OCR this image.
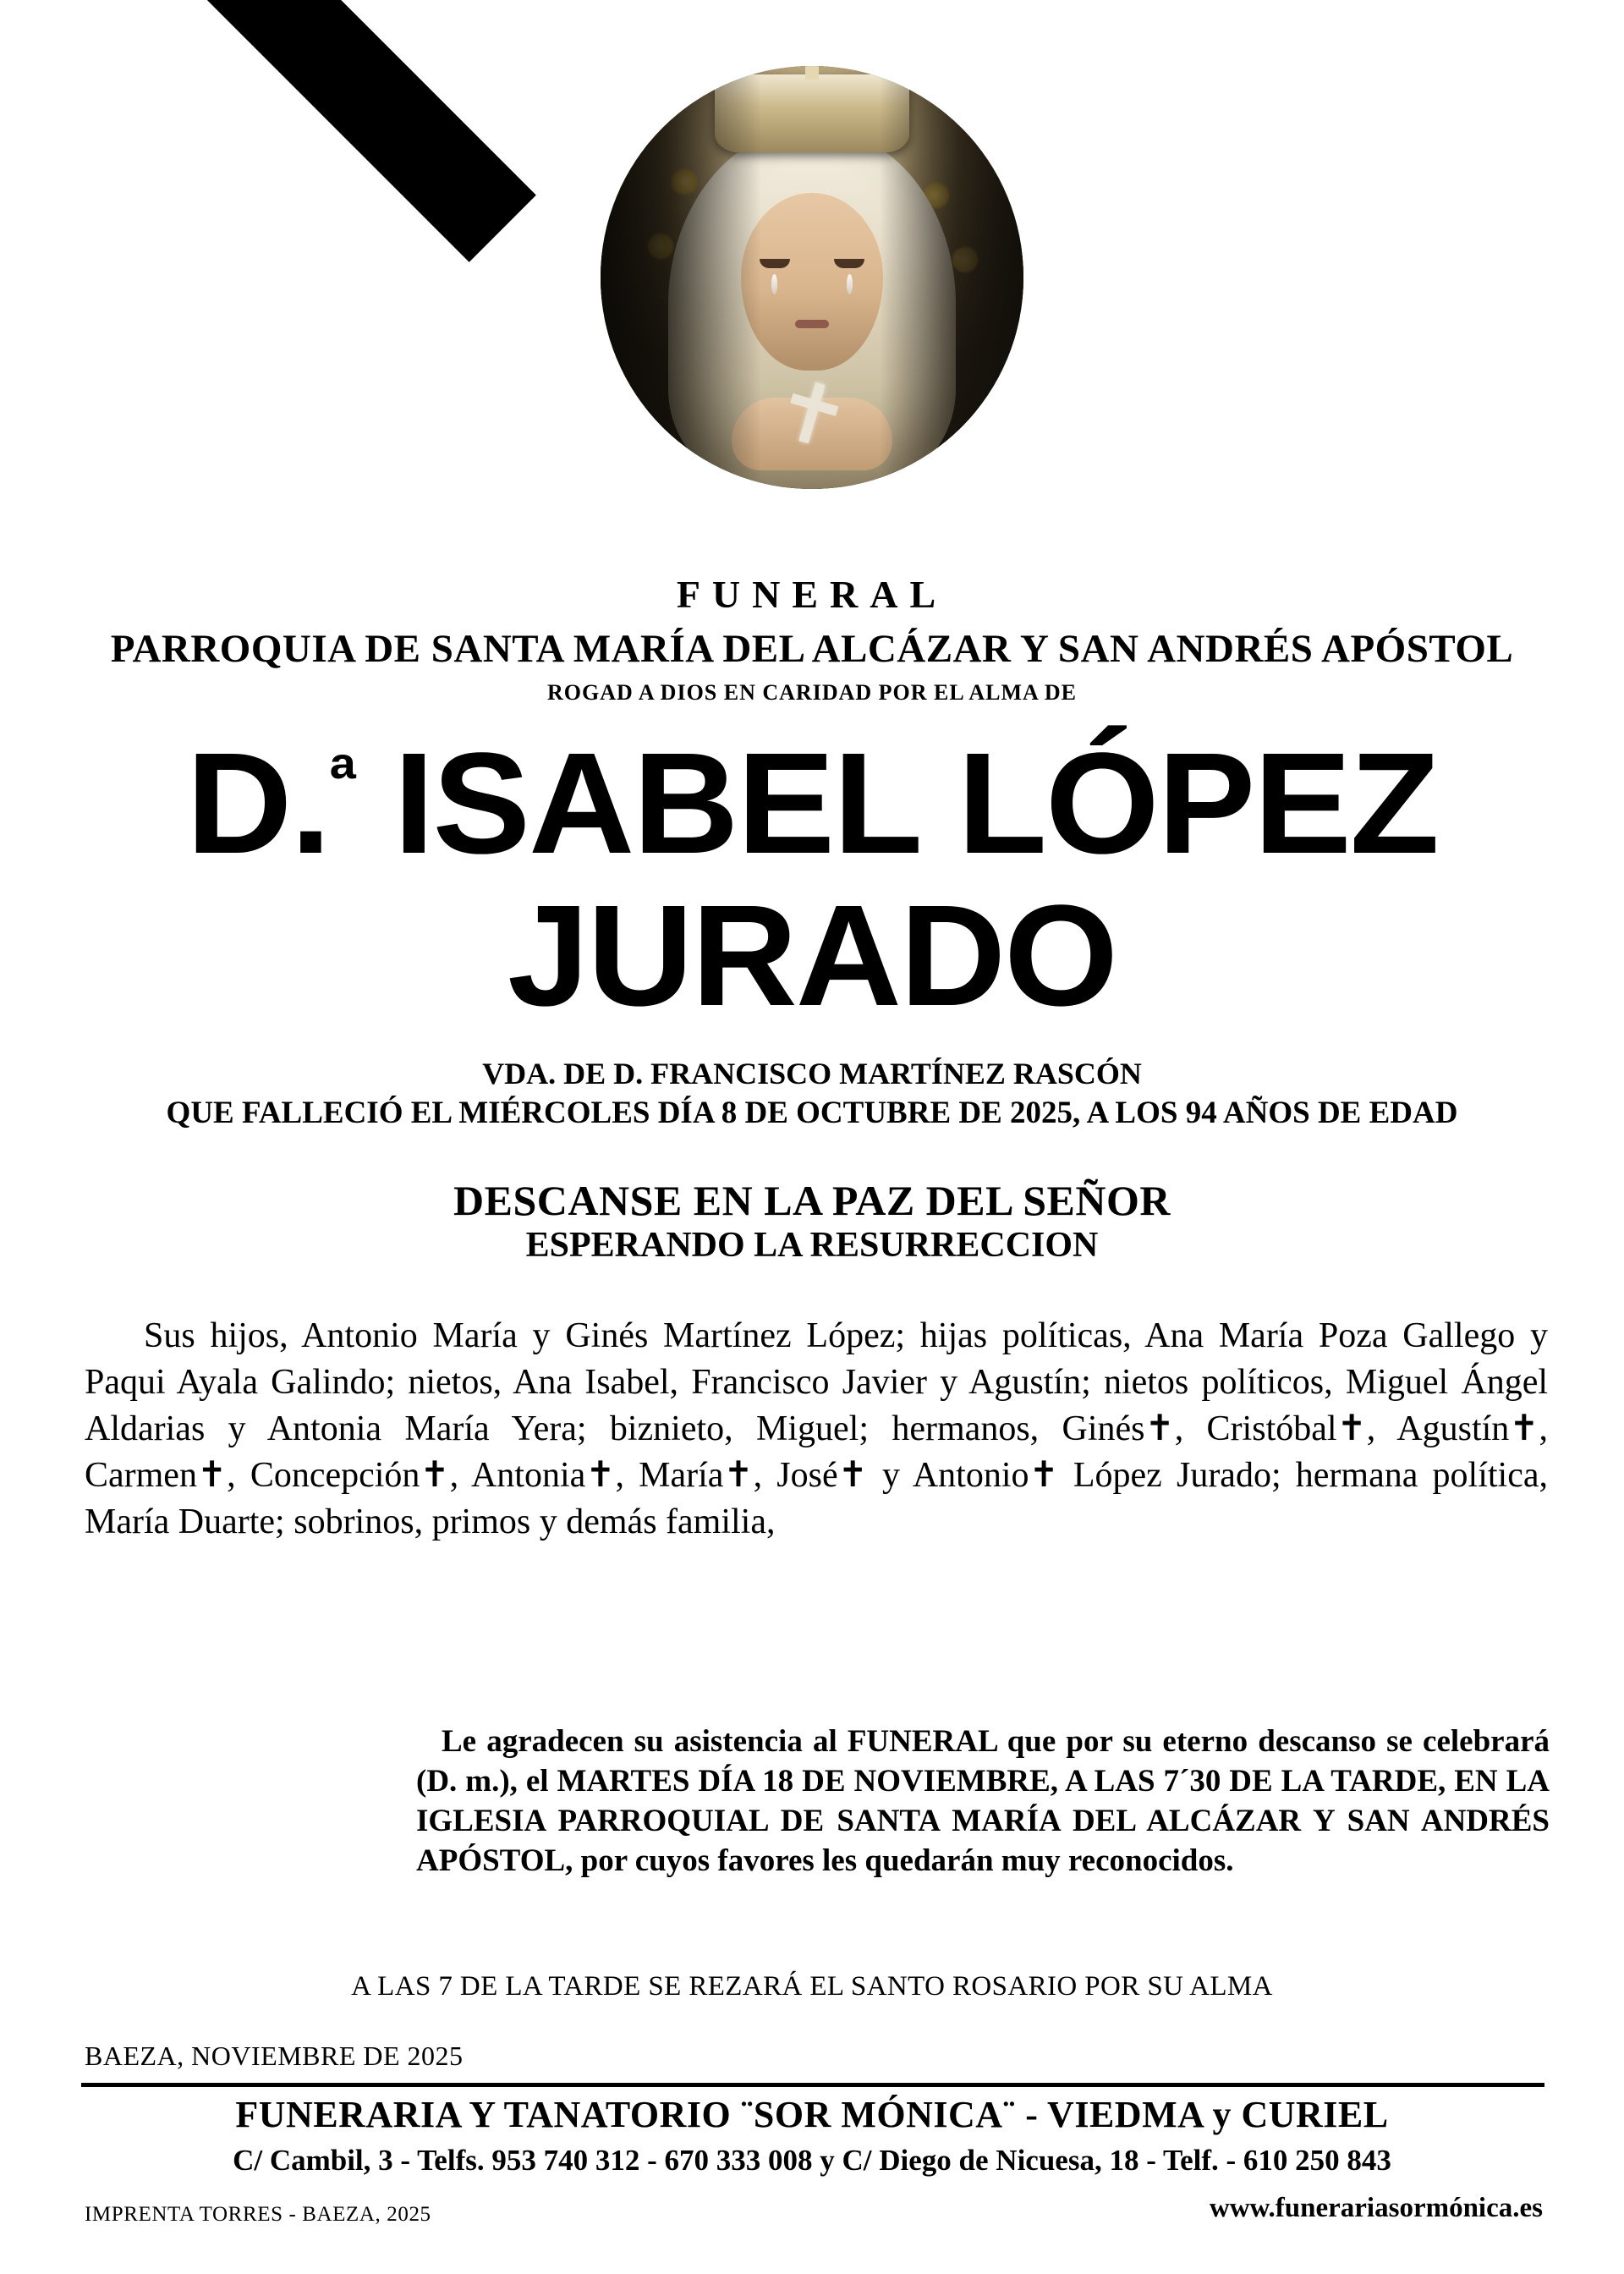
FUNERAL
PARROQUIA DE SANTA MARÍA DEL ALCÁZAR Y SAN ANDRÉS APÓSTOL
ROGAD A DIOS EN CARIDAD POR EL ALMA DE
D.$^ª$ ISABEL LÓPEZ JURADO
VDA. DE D. FRANCISCO MARTÍNEZ RASCÓN
QUE FALLECIÓ EL MIÉRCOLES DÍA 8 DE OCTUBRE DE 2025, A LOS 94 AÑOS DE EDAD
DESCANSE EN LA PAZ DEL SEÑOR
ESPERANDO LA RESURRECCION
Sus hijos, Antonio María y Ginés Martínez López; hijas políticas, Ana María Poza Gallego y Paqui Ayala Galindo; nietos, Ana Isabel, Francisco Javier y Agustín; nietos políticos, Miguel Ángel Aldarias y Antonia María Yera; biznieto, Miguel; hermanos, Ginés✝, Cristóbal✝, Agustín✝, Carmen✝, Concepción✝, Antonia✝, María✝, José✝ y Antonio✝ López Jurado; hermana política, María Duarte; sobrinos, primos y demás familia,
Le agradecen su asistencia al FUNERAL que por su eterno descanso se celebrará (D. m.), el MARTES DÍA 18 DE NOVIEMBRE, A LAS 7´30 DE LA TARDE, EN LA IGLESIA PARROQUIAL DE SANTA MARÍA DEL ALCÁZAR Y SAN ANDRÉS APÓSTOL, por cuyos favores les quedarán muy reconocidos.
A LAS 7 DE LA TARDE SE REZARÁ EL SANTO ROSARIO POR SU ALMA
BAEZA, NOVIEMBRE DE 2025
FUNERARIA Y TANATORIO ¨SOR MÓNICA¨ - VIEDMA y CURIEL
C/ Cambil, 3 - Telfs. 953 740 312 - 670 333 008 y C/ Diego de Nicuesa, 18 - Telf. - 610 250 843
IMPRENTA TORRES - BAEZA, 2025	www.funerariasormónica.es
